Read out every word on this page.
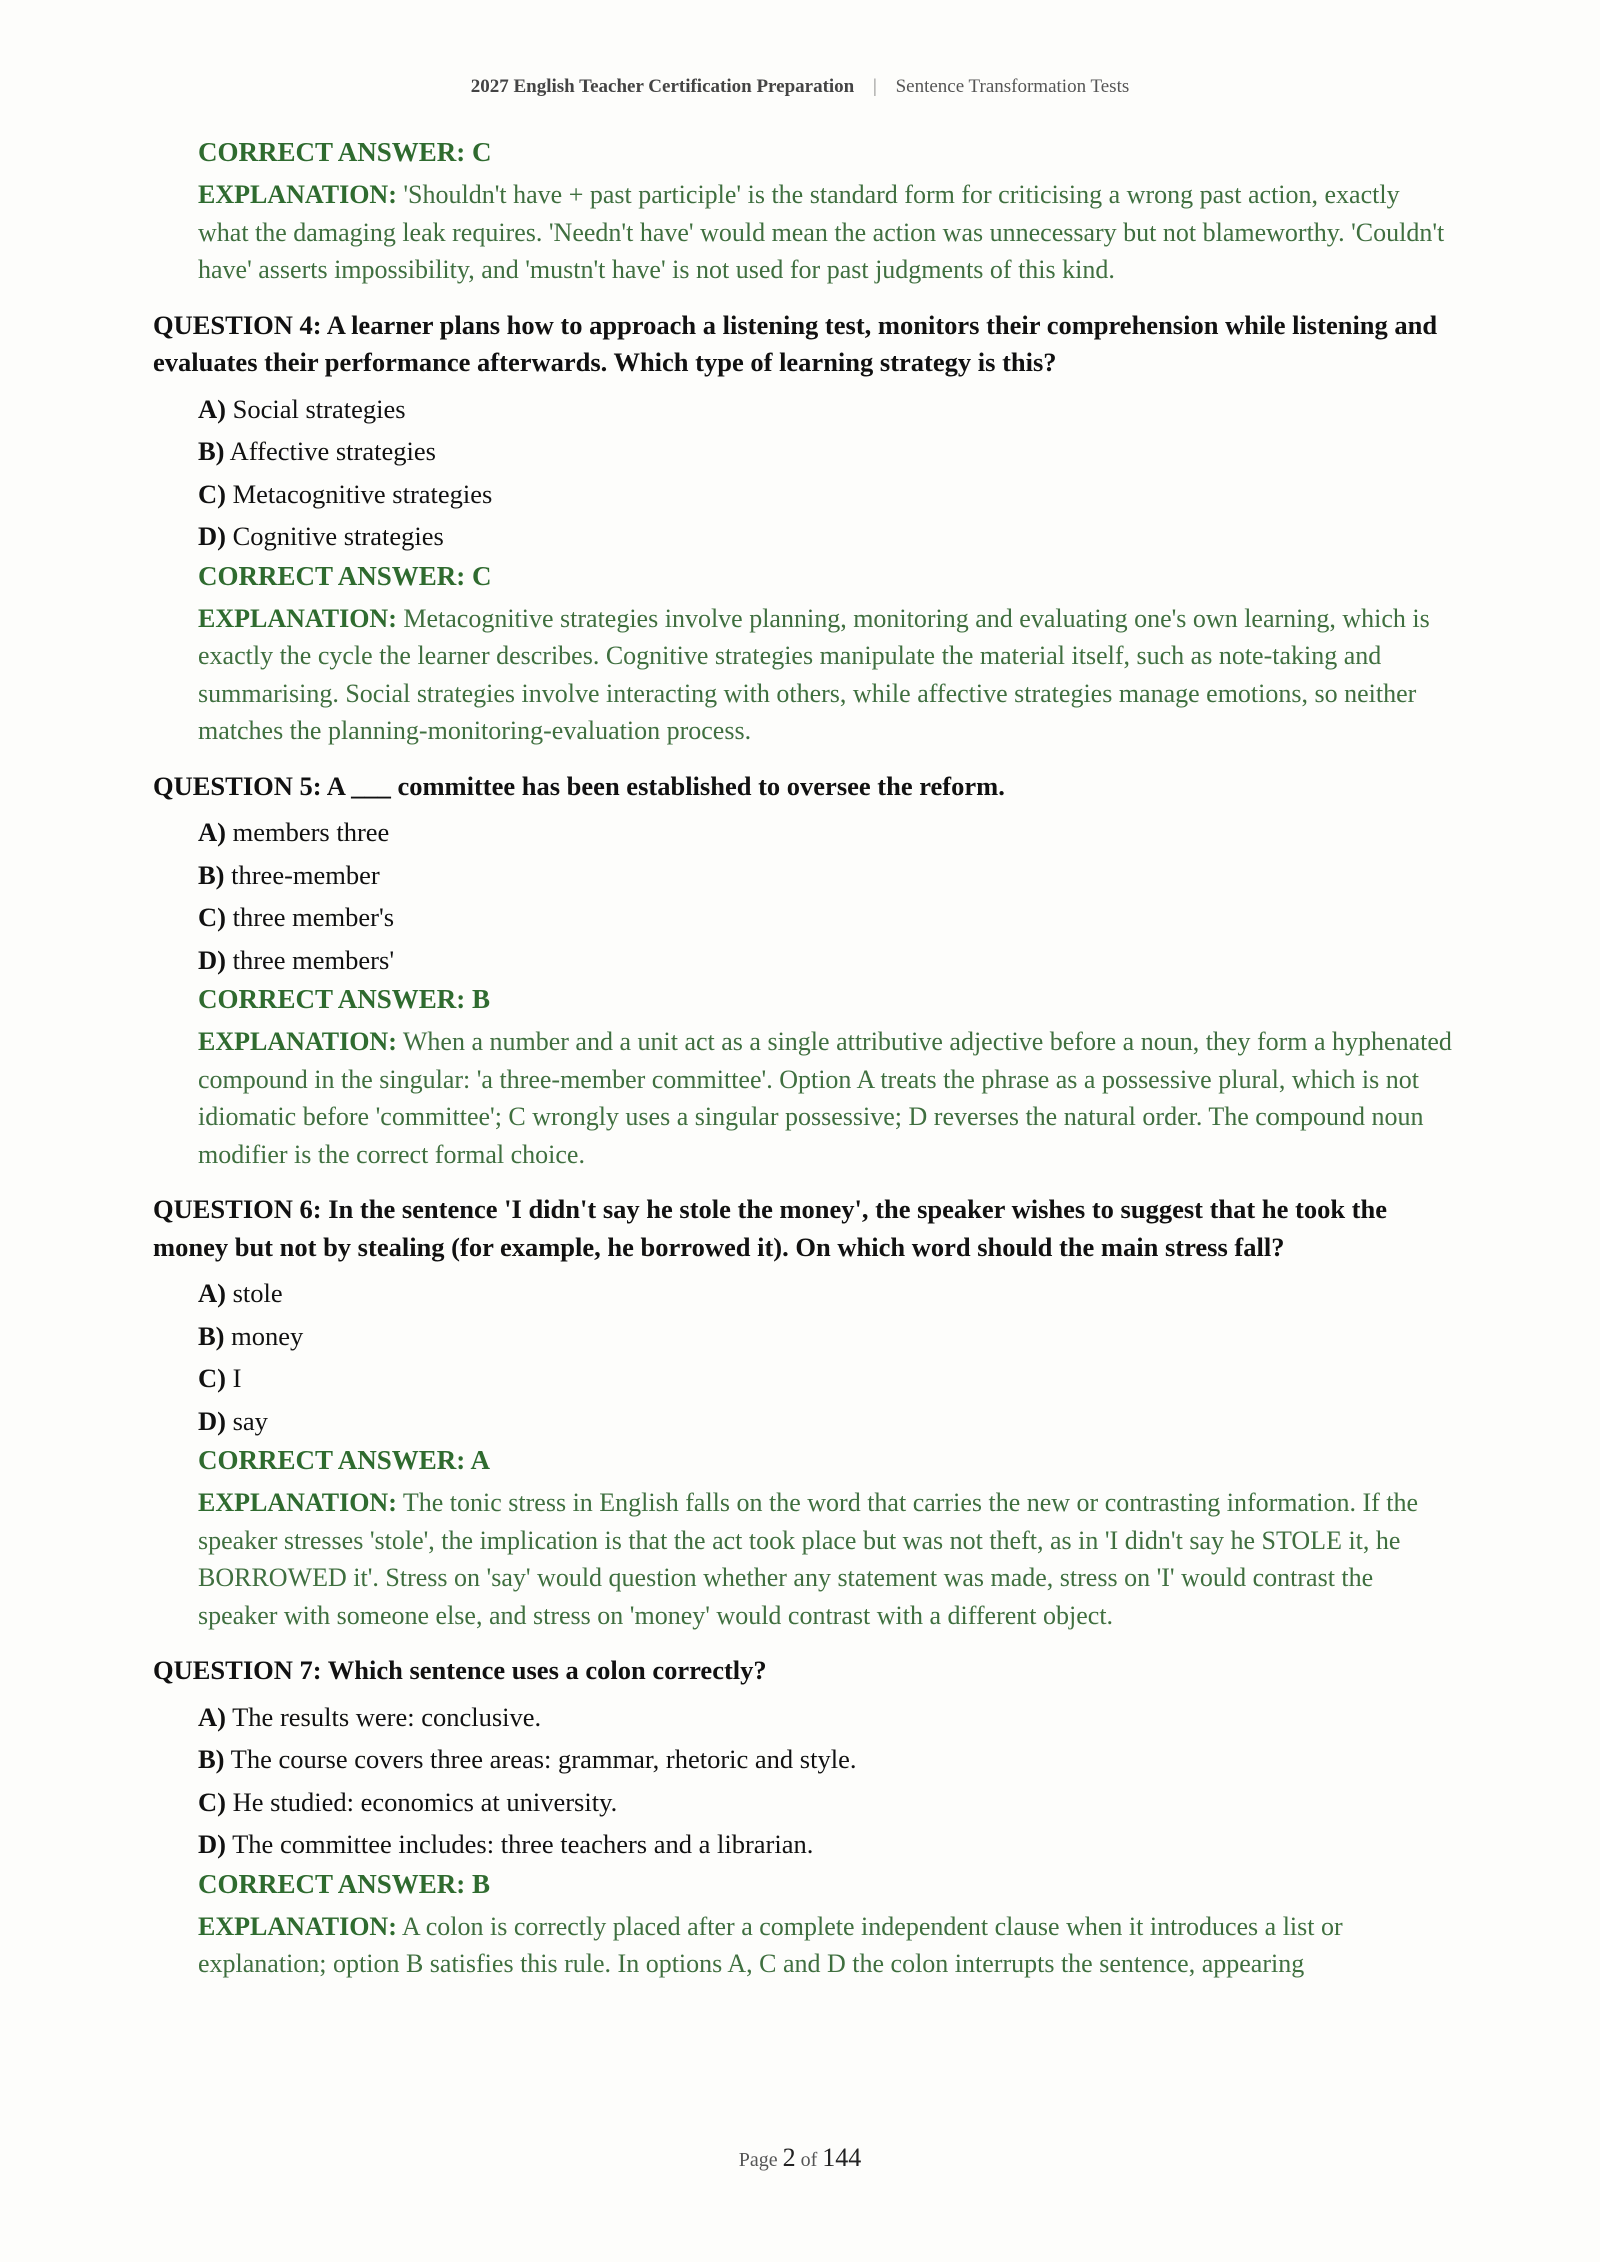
2027 English Teacher Certification Preparation | Sentence Transformation Tests
CORRECT ANSWER: C
EXPLANATION: 'Shouldn't have + past participle' is the standard form for criticising a wrong past action, exactly what the damaging leak requires. 'Needn't have' would mean the action was unnecessary but not blameworthy. 'Couldn't have' asserts impossibility, and 'mustn't have' is not used for past judgments of this kind.
QUESTION 4: A learner plans how to approach a listening test, monitors their comprehension while listening and evaluates their performance afterwards. Which type of learning strategy is this?
A) Social strategies
B) Affective strategies
C) Metacognitive strategies
D) Cognitive strategies
CORRECT ANSWER: C
EXPLANATION: Metacognitive strategies involve planning, monitoring and evaluating one's own learning, which is exactly the cycle the learner describes. Cognitive strategies manipulate the material itself, such as note-taking and summarising. Social strategies involve interacting with others, while affective strategies manage emotions, so neither matches the planning-monitoring-evaluation process.
QUESTION 5: A ___ committee has been established to oversee the reform.
A) members three
B) three-member
C) three member's
D) three members'
CORRECT ANSWER: B
EXPLANATION: When a number and a unit act as a single attributive adjective before a noun, they form a hyphenated compound in the singular: 'a three-member committee'. Option A treats the phrase as a possessive plural, which is not idiomatic before 'committee'; C wrongly uses a singular possessive; D reverses the natural order. The compound noun modifier is the correct formal choice.
QUESTION 6: In the sentence 'I didn't say he stole the money', the speaker wishes to suggest that he took the money but not by stealing (for example, he borrowed it). On which word should the main stress fall?
A) stole
B) money
C) I
D) say
CORRECT ANSWER: A
EXPLANATION: The tonic stress in English falls on the word that carries the new or contrasting information. If the speaker stresses 'stole', the implication is that the act took place but was not theft, as in 'I didn't say he STOLE it, he BORROWED it'. Stress on 'say' would question whether any statement was made, stress on 'I' would contrast the speaker with someone else, and stress on 'money' would contrast with a different object.
QUESTION 7: Which sentence uses a colon correctly?
A) The results were: conclusive.
B) The course covers three areas: grammar, rhetoric and style.
C) He studied: economics at university.
D) The committee includes: three teachers and a librarian.
CORRECT ANSWER: B
EXPLANATION: A colon is correctly placed after a complete independent clause when it introduces a list or explanation; option B satisfies this rule. In options A, C and D the colon interrupts the sentence, appearing
Page 2 of 144
